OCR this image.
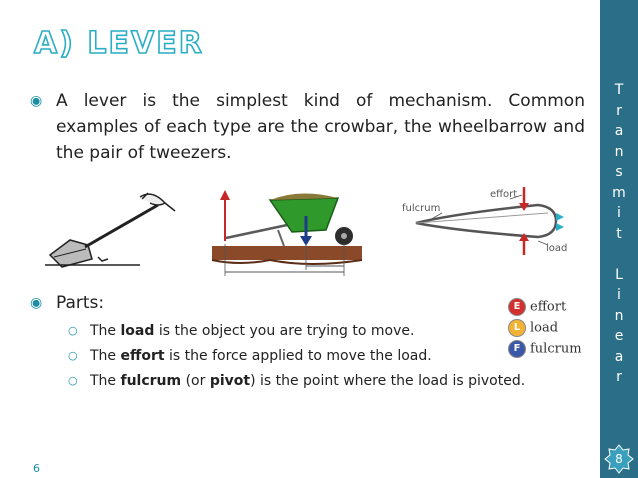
A) LEVER
◉ A lever is the simplest kind of mechanism. Common examples of each type are the crowbar, the wheelbarrow and the pair of tweezers.
fulcrum
effort
load
◉ Parts:
○ The load is the object you are trying to move.
○ The effort is the force applied to move the load.
○ The fulcrum (or pivot) is the point where the load is pivoted.
E effort
L load
F fulcrum
6
T
r
a
n
s
m
i
t
L
i
n
e
a
r
8
